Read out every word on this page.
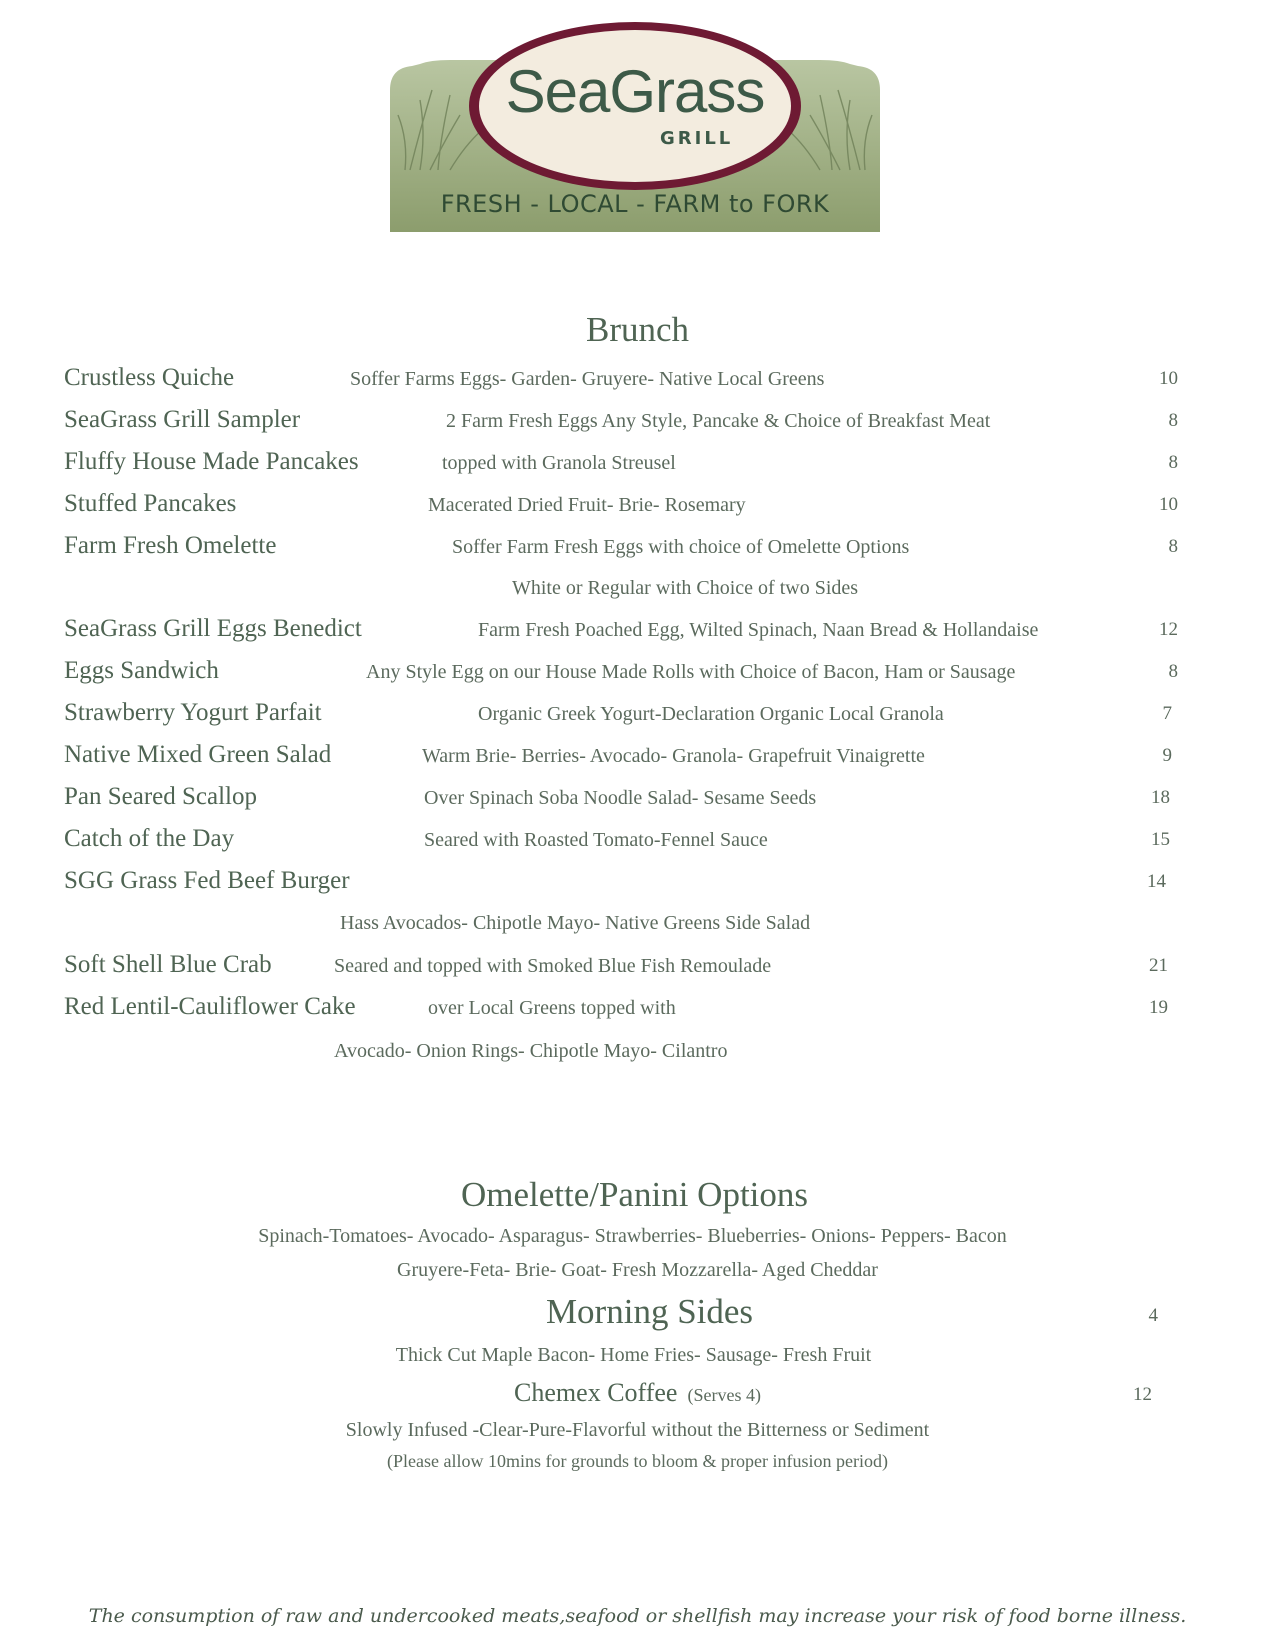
SeaGrass
GRILL
FRESH - LOCAL - FARM to FORK
Brunch
Crustless Quiche	Soffer Farms Eggs- Garden- Gruyere- Native Local Greens	10
SeaGrass Grill Sampler	2 Farm Fresh Eggs Any Style, Pancake & Choice of Breakfast Meat	8
Fluffy House Made Pancakes	topped with Granola Streusel	8
Stuffed Pancakes	Macerated Dried Fruit- Brie- Rosemary	10
Farm Fresh Omelette	Soffer Farm Fresh Eggs with choice of Omelette Options	8
White or Regular with Choice of two Sides
SeaGrass Grill Eggs Benedict	Farm Fresh Poached Egg, Wilted Spinach, Naan Bread & Hollandaise	12
Eggs Sandwich	Any Style Egg on our House Made Rolls with Choice of Bacon, Ham or Sausage	8
Strawberry Yogurt Parfait	Organic Greek Yogurt-Declaration Organic Local Granola	7
Native Mixed Green Salad	Warm Brie- Berries- Avocado- Granola- Grapefruit Vinaigrette	9
Pan Seared Scallop	Over Spinach Soba Noodle Salad- Sesame Seeds	18
Catch of the Day	Seared with Roasted Tomato-Fennel Sauce	15
SGG Grass Fed Beef Burger	14
Hass Avocados- Chipotle Mayo- Native Greens Side Salad
Soft Shell Blue Crab	Seared and topped with Smoked Blue Fish Remoulade	21
Red Lentil-Cauliflower Cake	over Local Greens topped with	19
Avocado- Onion Rings- Chipotle Mayo- Cilantro
Omelette/Panini Options
Spinach-Tomatoes- Avocado- Asparagus- Strawberries- Blueberries- Onions- Peppers- Bacon
Gruyere-Feta- Brie- Goat- Fresh Mozzarella- Aged Cheddar
Morning Sides	4
Thick Cut Maple Bacon- Home Fries- Sausage- Fresh Fruit
Chemex Coffee (Serves 4)	12
Slowly Infused -Clear-Pure-Flavorful without the Bitterness or Sediment
(Please allow 10mins for grounds to bloom & proper infusion period)
The consumption of raw and undercooked meats,seafood or shellfish may increase your risk of food borne illness.
